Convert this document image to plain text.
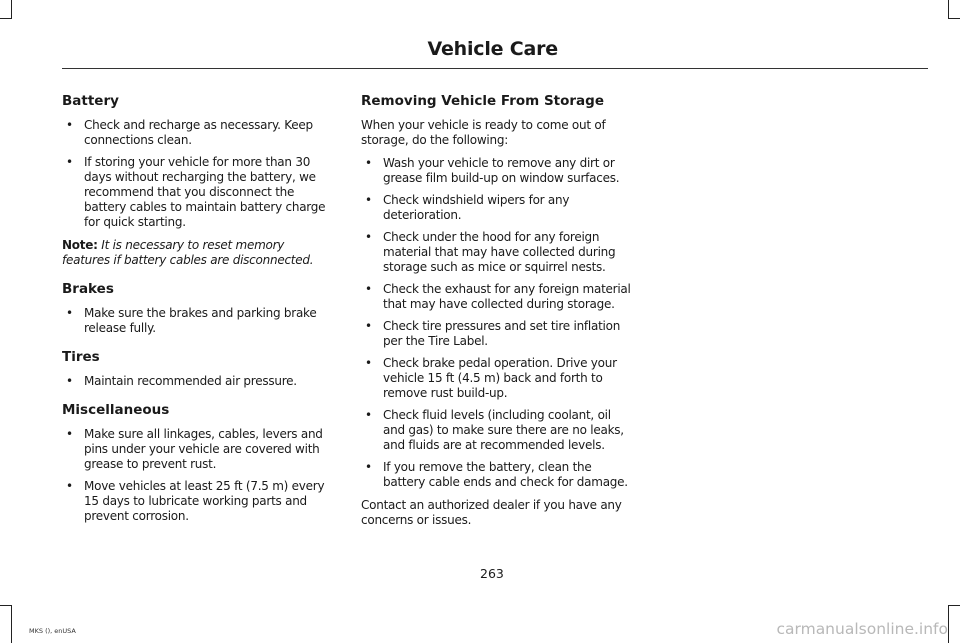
Vehicle Care
Battery
• Check and recharge as necessary. Keep connections clean.
• If storing your vehicle for more than 30 days without recharging the battery, we recommend that you disconnect the battery cables to maintain battery charge for quick starting.

Note: It is necessary to reset memory features if battery cables are disconnected.

Brakes
• Make sure the brakes and parking brake release fully.
Tires
• Maintain recommended air pressure.
Miscellaneous
• Make sure all linkages, cables, levers and pins under your vehicle are covered with grease to prevent rust.
• Move vehicles at least 25 ft (7.5 m) every 15 days to lubricate working parts and prevent corrosion.
Removing Vehicle From Storage

When your vehicle is ready to come out of storage, do the following:

• Wash your vehicle to remove any dirt or grease film build-up on window surfaces.
• Check windshield wipers for any deterioration.
• Check under the hood for any foreign material that may have collected during storage such as mice or squirrel nests.
• Check the exhaust for any foreign material that may have collected during storage.
• Check tire pressures and set tire inflation per the Tire Label.
• Check brake pedal operation. Drive your vehicle 15 ft (4.5 m) back and forth to remove rust build-up.
• Check fluid levels (including coolant, oil and gas) to make sure there are no leaks, and fluids are at recommended levels.
• If you remove the battery, clean the battery cable ends and check for damage.

Contact an authorized dealer if you have any concerns or issues.

263
MKS (), enUSA	carmanualsonline.info
